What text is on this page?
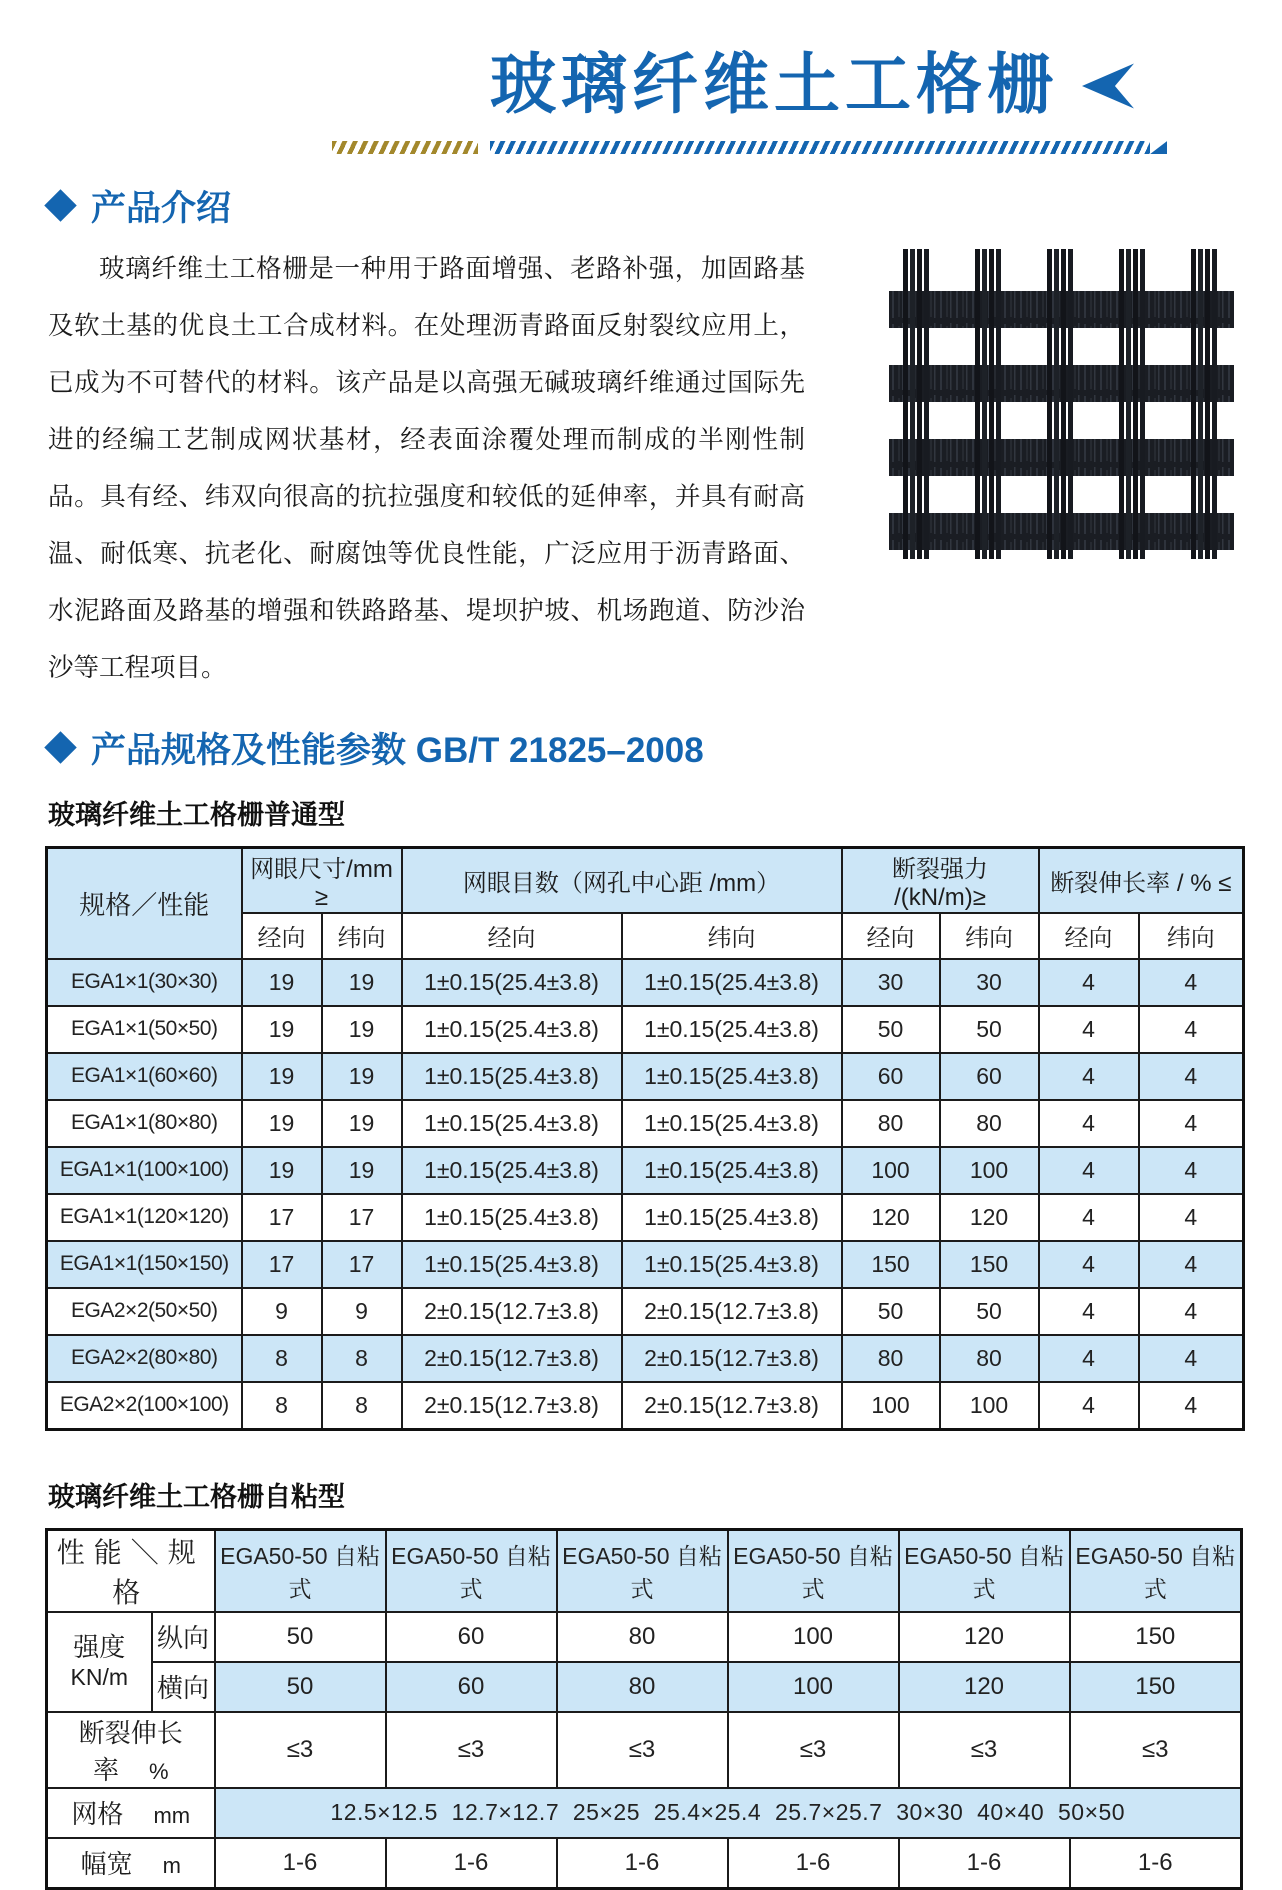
玻璃纤维土工格栅
产品介绍

玻璃纤维土工格栅是一种用于路面增强、老路补强，加固路基及软土基的优良土工合成材料。在处理沥青路面反射裂纹应用上，已成为不可替代的材料。该产品是以高强无碱玻璃纤维通过国际先进的经编工艺制成网状基材，经表面涂覆处理而制成的半刚性制品。具有经、纬双向很高的抗拉强度和较低的延伸率，并具有耐高 温、耐低寒、抗老化、耐腐蚀等优良性能，广泛应用于沥青路面、水泥路面及路基的增强和铁路路基、堤坝护坡、机场跑道、防沙治沙等工程项目。

产品规格及性能参数 GB/T 21825–2008
玻璃纤维土工格栅普通型
规格／性能	网眼尺寸/mm ≥		网眼目数（网孔中心距 /mm）		断裂强力 /(kN/m)≥		断裂伸长率 / % ≤	
	经向	纬向	经向	纬向	经向	纬向	经向	纬向
EGA1×1(30×30)	19	19	1±0.15(25.4±3.8)	1±0.15(25.4±3.8)	30	30	4	4
EGA1×1(50×50)	19	19	1±0.15(25.4±3.8)	1±0.15(25.4±3.8)	50	50	4	4
EGA1×1(60×60)	19	19	1±0.15(25.4±3.8)	1±0.15(25.4±3.8)	60	60	4	4
EGA1×1(80×80)	19	19	1±0.15(25.4±3.8)	1±0.15(25.4±3.8)	80	80	4	4
EGA1×1(100×100)	19	19	1±0.15(25.4±3.8)	1±0.15(25.4±3.8)	100	100	4	4
EGA1×1(120×120)	17	17	1±0.15(25.4±3.8)	1±0.15(25.4±3.8)	120	120	4	4
EGA1×1(150×150)	17	17	1±0.15(25.4±3.8)	1±0.15(25.4±3.8)	150	150	4	4
EGA2×2(50×50)	9	9	2±0.15(12.7±3.8)	2±0.15(12.7±3.8)	50	50	4	4
EGA2×2(80×80)	8	8	2±0.15(12.7±3.8)	2±0.15(12.7±3.8)	80	80	4	4
EGA2×2(100×100)	8	8	2±0.15(12.7±3.8)	2±0.15(12.7±3.8)	100	100	4	4
玻璃纤维土工格栅自粘型
性能＼规格		EGA50-50 自粘式	EGA50-50 自粘式	EGA50-50 自粘式	EGA50-50 自粘式	EGA50-50 自粘式	EGA50-50 自粘式

强度
KN/m	纵向	50	60	80	100	120	150
	横向	50	60	80	100	120	150
断裂伸长率 %		≤3	≤3	≤3	≤3	≤3	≤3
网格 mm		12.5×12.5  12.7×12.7  25×25  25.4×25.4  25.7×25.7  30×30  40×40  50×50					
幅宽 m		1-6	1-6	1-6	1-6	1-6	1-6
